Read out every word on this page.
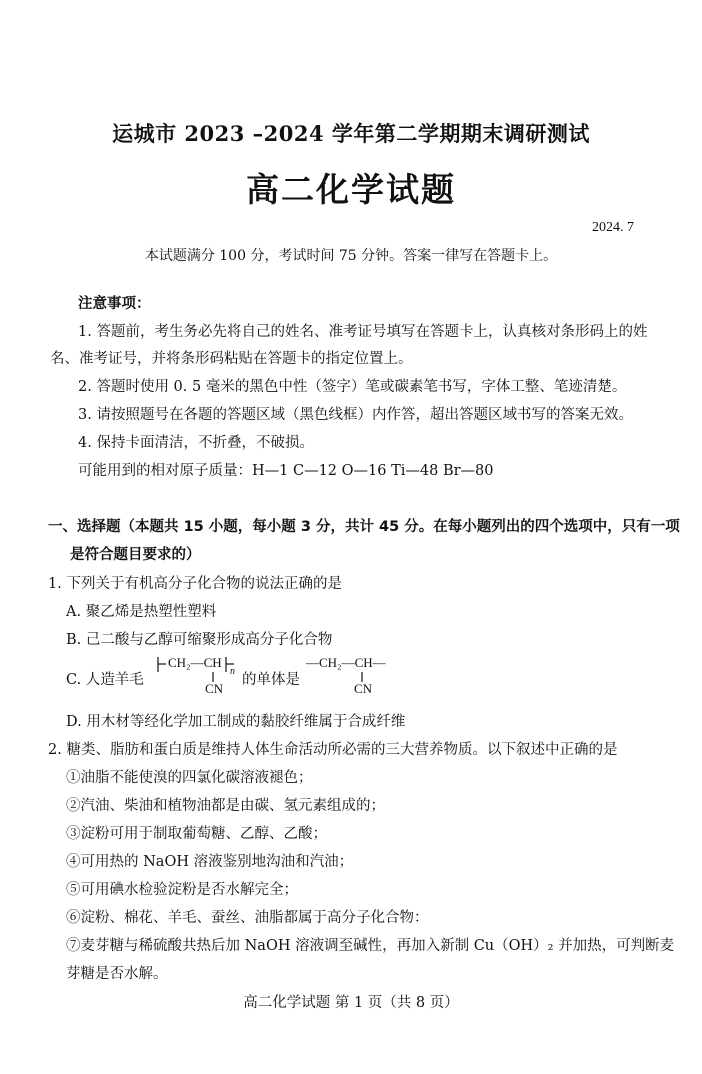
运城市 2023 –2024 学年第二学期期末调研测试
高二化学试题
2024. 7
本试题满分 100 分，考试时间 75 分钟。答案一律写在答题卡上。
注意事项：
1. 答题前，考生务必先将自己的姓名、准考证号填写在答题卡上，认真核对条形码上的姓
名、准考证号，并将条形码粘贴在答题卡的指定位置上。
2. 答题时使用 0. 5 毫米的黑色中性（签字）笔或碳素笔书写，字体工整、笔迹清楚。
3. 请按照题号在各题的答题区域（黑色线框）内作答，超出答题区域书写的答案无效。
4. 保持卡面清洁，不折叠，不破损。
可能用到的相对原子质量：H—1 C—12 O—16 Ti—48 Br—80
一、选择题（本题共 15 小题，每小题 3 分，共计 45 分。在每小题列出的四个选项中，只有一项
是符合题目要求的）
1. 下列关于有机高分子化合物的说法正确的是
A. 聚乙烯是热塑性塑料
B. 己二酸与乙醇可缩聚形成高分子化合物
C. 人造羊毛
CH₂—CH
n
CN
的单体是
—CH₂—CH—
CN
D. 用木材等经化学加工制成的黏胶纤维属于合成纤维
2. 糖类、脂肪和蛋白质是维持人体生命活动所必需的三大营养物质。以下叙述中正确的是
①油脂不能使溴的四氯化碳溶液褪色；
②汽油、柴油和植物油都是由碳、氢元素组成的；
③淀粉可用于制取葡萄糖、乙醇、乙酸；
④可用热的 NaOH 溶液鉴别地沟油和汽油；
⑤可用碘水检验淀粉是否水解完全；
⑥淀粉、棉花、羊毛、蚕丝、油脂都属于高分子化合物：
⑦麦芽糖与稀硫酸共热后加 NaOH 溶液调至碱性，再加入新制 Cu（OH）₂ 并加热，可判断麦
芽糖是否水解。
高二化学试题 第 1 页（共 8 页）
